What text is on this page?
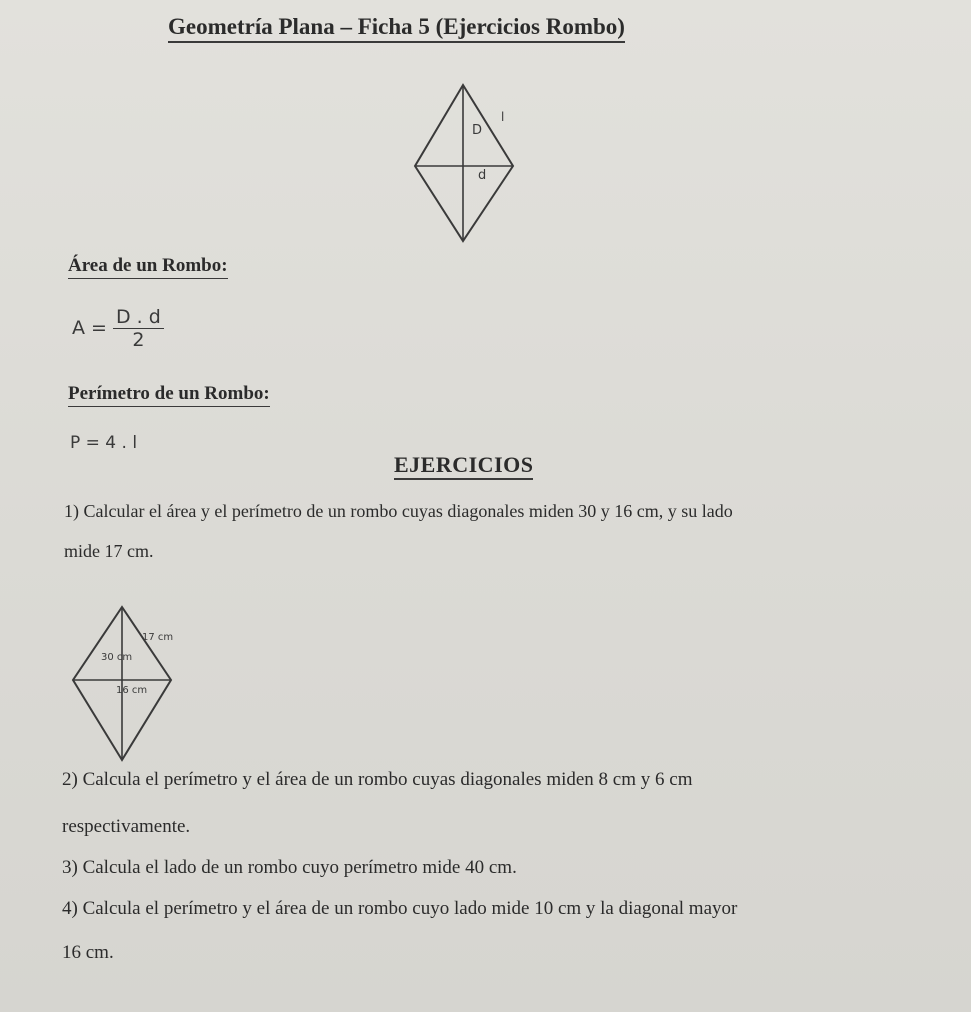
Geometría Plana – Ficha 5 (Ejercicios Rombo)
D
d
l
Área de un Rombo:
$A = \frac{D . d}{2}$
Perímetro de un Rombo:
P = 4 . l
EJERCICIOS
1) Calcular el área y el perímetro de un rombo cuyas diagonales miden 30 y 16 cm, y su lado
mide 17 cm.
17 cm
30 cm
16 cm
2) Calcula el perímetro y el área de un rombo cuyas diagonales miden 8 cm y 6 cm
respectivamente.
3) Calcula el lado de un rombo cuyo perímetro mide 40 cm.
4) Calcula el perímetro y el área de un rombo cuyo lado mide 10 cm y la diagonal mayor
16 cm.
